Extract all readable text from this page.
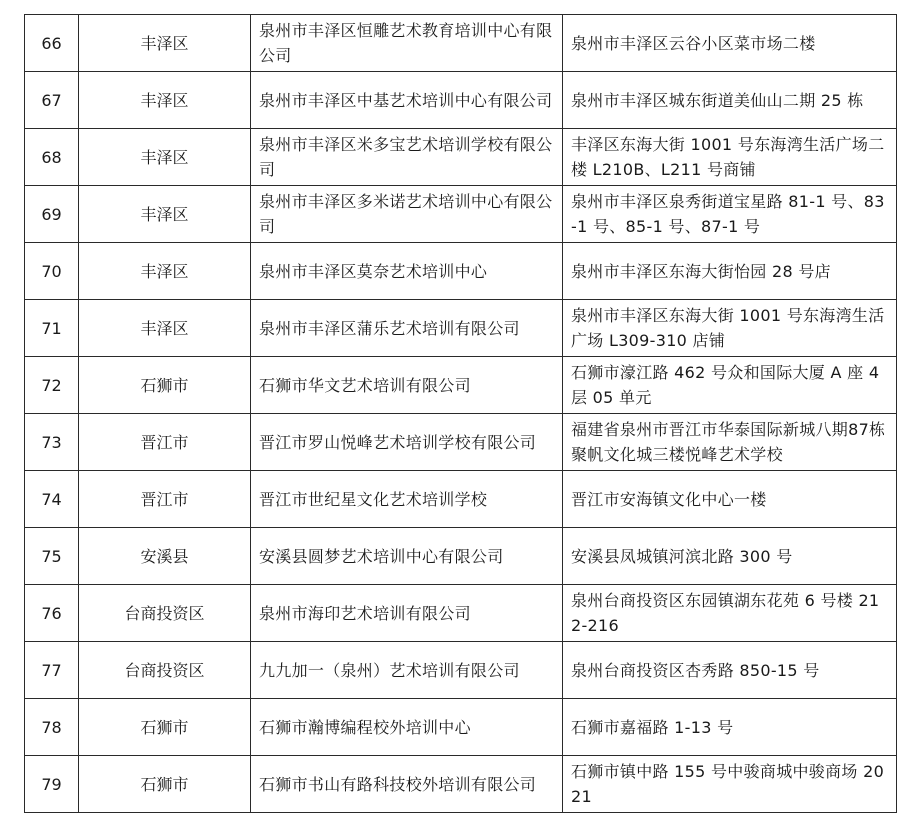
66	丰泽区	泉州市丰泽区恒雕艺术教育培训中心有限公司	泉州市丰泽区云谷小区菜市场二楼
67	丰泽区	泉州市丰泽区中基艺术培训中心有限公司	泉州市丰泽区城东街道美仙山二期 25 栋
68	丰泽区	泉州市丰泽区米多宝艺术培训学校有限公司	丰泽区东海大街 1001 号东海湾生活广场二楼 L210B、L211 号商铺
69	丰泽区	泉州市丰泽区多米诺艺术培训中心有限公司	泉州市丰泽区泉秀街道宝星路 81-1 号、83-1 号、85-1 号、87-1 号
70	丰泽区	泉州市丰泽区莫奈艺术培训中心	泉州市丰泽区东海大街怡园 28 号店
71	丰泽区	泉州市丰泽区蒲乐艺术培训有限公司	泉州市丰泽区东海大街 1001 号东海湾生活广场 L309-310 店铺
72	石狮市	石狮市华文艺术培训有限公司	石狮市濠江路 462 号众和国际大厦 A 座 4 层 05 单元
73	晋江市	晋江市罗山悦峰艺术培训学校有限公司	福建省泉州市晋江市华泰国际新城八期87栋聚帆文化城三楼悦峰艺术学校
74	晋江市	晋江市世纪星文化艺术培训学校	晋江市安海镇文化中心一楼
75	安溪县	安溪县圆梦艺术培训中心有限公司	安溪县凤城镇河滨北路 300 号
76	台商投资区	泉州市海印艺术培训有限公司	泉州台商投资区东园镇湖东花苑 6 号楼 212-216
77	台商投资区	九九加一（泉州）艺术培训有限公司	泉州台商投资区杏秀路 850-15 号
78	石狮市	石狮市瀚博编程校外培训中心	石狮市嘉福路 1-13 号
79	石狮市	石狮市书山有路科技校外培训有限公司	石狮市镇中路 155 号中骏商城中骏商场 2021
